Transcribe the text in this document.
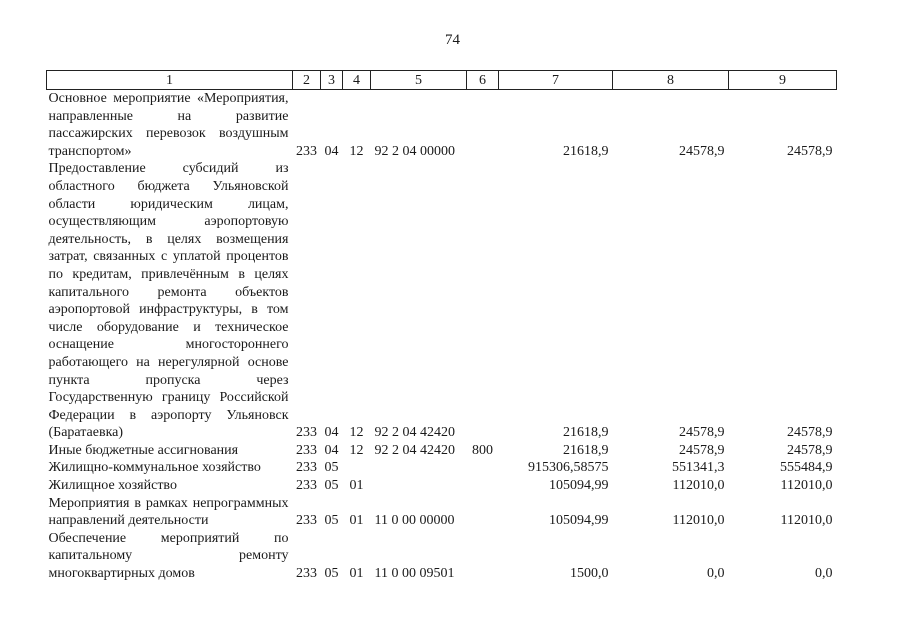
74
1	2	3	4	5	6	7	8	9
Основное мероприятие «Мероприятия, направленные на развитие пассажирских перевозок воздушным транспортом»	233	04	12	92 2 04 00000		21618,9	24578,9	24578,9
Предоставление субсидий из областного бюджета Ульяновской области юридическим лицам, осуществляющим аэропортовую деятельность, в целях возмещения затрат, связанных с уплатой процентов по кредитам, привлечённым в целях капитального ремонта объектов аэропортовой инфраструктуры, в том числе оборудование и техническое оснащение многостороннего работающего на нерегулярной основе пункта пропуска через Государственную границу Российской Федерации в аэропорту Ульяновск (Баратаевка)	233	04	12	92 2 04 42420		21618,9	24578,9	24578,9
Иные бюджетные ассигнования	233	04	12	92 2 04 42420	800	21618,9	24578,9	24578,9
Жилищно-коммунальное хозяйство	233	05				915306,58575	551341,3	555484,9
Жилищное хозяйство	233	05	01			105094,99	112010,0	112010,0
Мероприятия в рамках непрограммных направлений деятельности	233	05	01	11 0 00 00000		105094,99	112010,0	112010,0
Обеспечение мероприятий по капитальному ремонту многоквартирных домов	233	05	01	11 0 00 09501		1500,0	0,0	0,0
